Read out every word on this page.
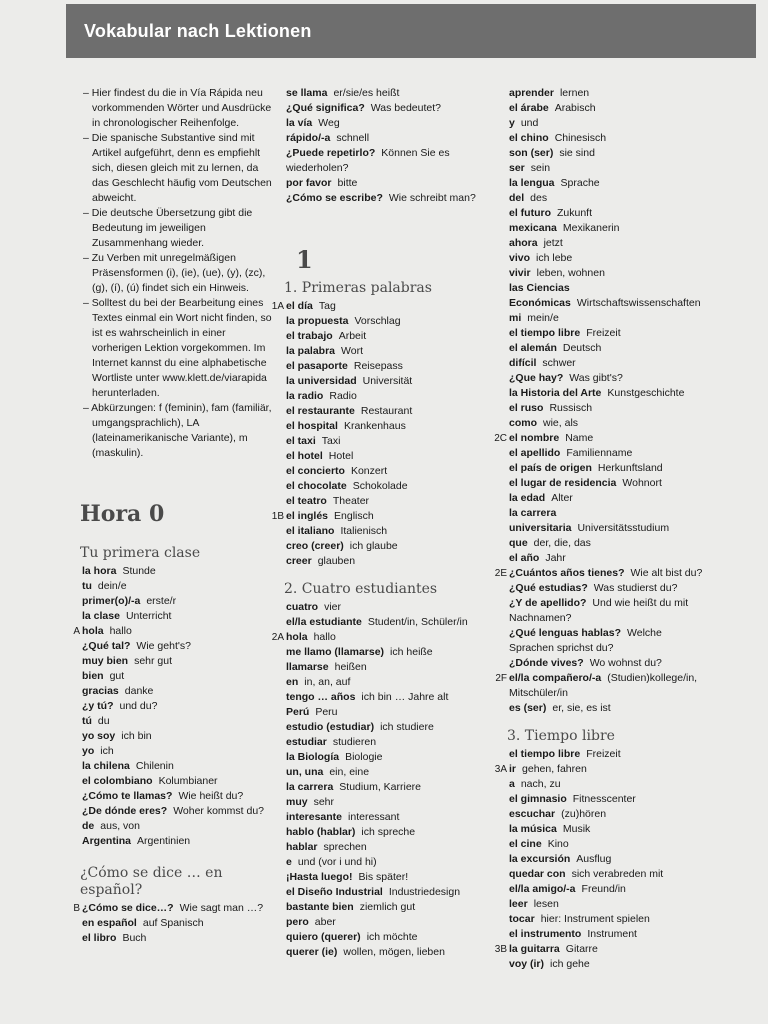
Vokabular nach Lektionen

– Hier findest du die in Vía Rápida neu vorkommenden Wörter und Ausdrücke in chronologischer Reihenfolge.

– Die spanische Substantive sind mit Artikel aufgeführt, denn es empfiehlt sich, diesen gleich mit zu lernen, da das Geschlecht häufig vom Deutschen abweicht.

– Die deutsche Übersetzung gibt die Bedeutung im jeweiligen Zusammenhang wieder.

– Zu Verben mit unregelmäßigen Präsensformen (i), (ie), (ue), (y), (zc), (g), (í), (ú) findet sich ein Hinweis.

– Solltest du bei der Bearbeitung eines Textes einmal ein Wort nicht finden, so ist es wahrscheinlich in einer vorherigen Lektion vorgekommen. Im Internet kannst du eine alphabetische Wortliste unter www.klett.de/viarapida herunterladen.

– Abkürzungen: f (feminin), fam (familiär, umgangsprachlich), LA (lateinamerikanische Variante), m (maskulin).

Hora 0
Tu primera clase
la hora Stunde
tu dein/e
primer(o)/-a erste/r
la clase Unterricht
A hola hallo
¿Qué tal? Wie geht's?
muy bien sehr gut
bien gut
gracias danke
¿y tú? und du?
tú du
yo soy ich bin
yo ich
la chilena Chilenin
el colombiano Kolumbianer
¿Cómo te llamas? Wie heißt du?
¿De dónde eres? Woher kommst du?
de aus, von
Argentina Argentinien
¿Cómo se dice … en español?
B ¿Cómo se dice…? Wie sagt man …?
en español auf Spanisch
el libro Buch
se llama er/sie/es heißt
¿Qué significa? Was bedeutet?
la vía Weg
rápido/-a schnell
¿Puede repetirlo? Können Sie es wiederholen?
por favor bitte
¿Cómo se escribe? Wie schreibt man?
1
1. Primeras palabras
1A el día Tag
la propuesta Vorschlag
el trabajo Arbeit
la palabra Wort
el pasaporte Reisepass
la universidad Universität
la radio Radio
el restaurante Restaurant
el hospital Krankenhaus
el taxi Taxi
el hotel Hotel
el concierto Konzert
el chocolate Schokolade
el teatro Theater
1B el inglés Englisch
el italiano Italienisch
creo (creer) ich glaube
creer glauben
2. Cuatro estudiantes
cuatro vier
el/la estudiante Student/in, Schüler/in
2A hola hallo
me llamo (llamarse) ich heiße
llamarse heißen
en in, an, auf
tengo … años ich bin … Jahre alt
Perú Peru
estudio (estudiar) ich studiere
estudiar studieren
la Biología Biologie
un, una ein, eine
la carrera Studium, Karriere
muy sehr
interesante interessant
hablo (hablar) ich spreche
hablar sprechen
e und (vor i und hi)
¡Hasta luego! Bis später!
el Diseño Industrial Industriedesign
bastante bien ziemlich gut
pero aber
quiero (querer) ich möchte
querer (ie) wollen, mögen, lieben
aprender lernen
el árabe Arabisch
y und
el chino Chinesisch
son (ser) sie sind
ser sein
la lengua Sprache
del des
el futuro Zukunft
mexicana Mexikanerin
ahora jetzt
vivo ich lebe
vivir leben, wohnen
las Ciencias Económicas Wirtschaftswissenschaften
mi mein/e
el tiempo libre Freizeit
el alemán Deutsch
difícil schwer
¿Que hay? Was gibt's?
la Historia del Arte Kunstgeschichte
el ruso Russisch
como wie, als
2C el nombre Name
el apellido Familienname
el país de origen Herkunftsland
el lugar de residencia Wohnort
la edad Alter
la carrera universitaria Universitätsstudium
que der, die, das
el año Jahr
2E ¿Cuántos años tienes? Wie alt bist du?
¿Qué estudias? Was studierst du?
¿Y de apellido? Und wie heißt du mit Nachnamen?
¿Qué lenguas hablas? Welche Sprachen sprichst du?
¿Dónde vives? Wo wohnst du?
2F el/la compañero/-a (Studien)kollege/in, Mitschüler/in
es (ser) er, sie, es ist
3. Tiempo libre
el tiempo libre Freizeit
3A ir gehen, fahren
a nach, zu
el gimnasio Fitnesscenter
escuchar (zu)hören
la música Musik
el cine Kino
la excursión Ausflug
quedar con sich verabreden mit
el/la amigo/-a Freund/in
leer lesen
tocar hier: Instrument spielen
el instrumento Instrument
3B la guitarra Gitarre
voy (ir) ich gehe
